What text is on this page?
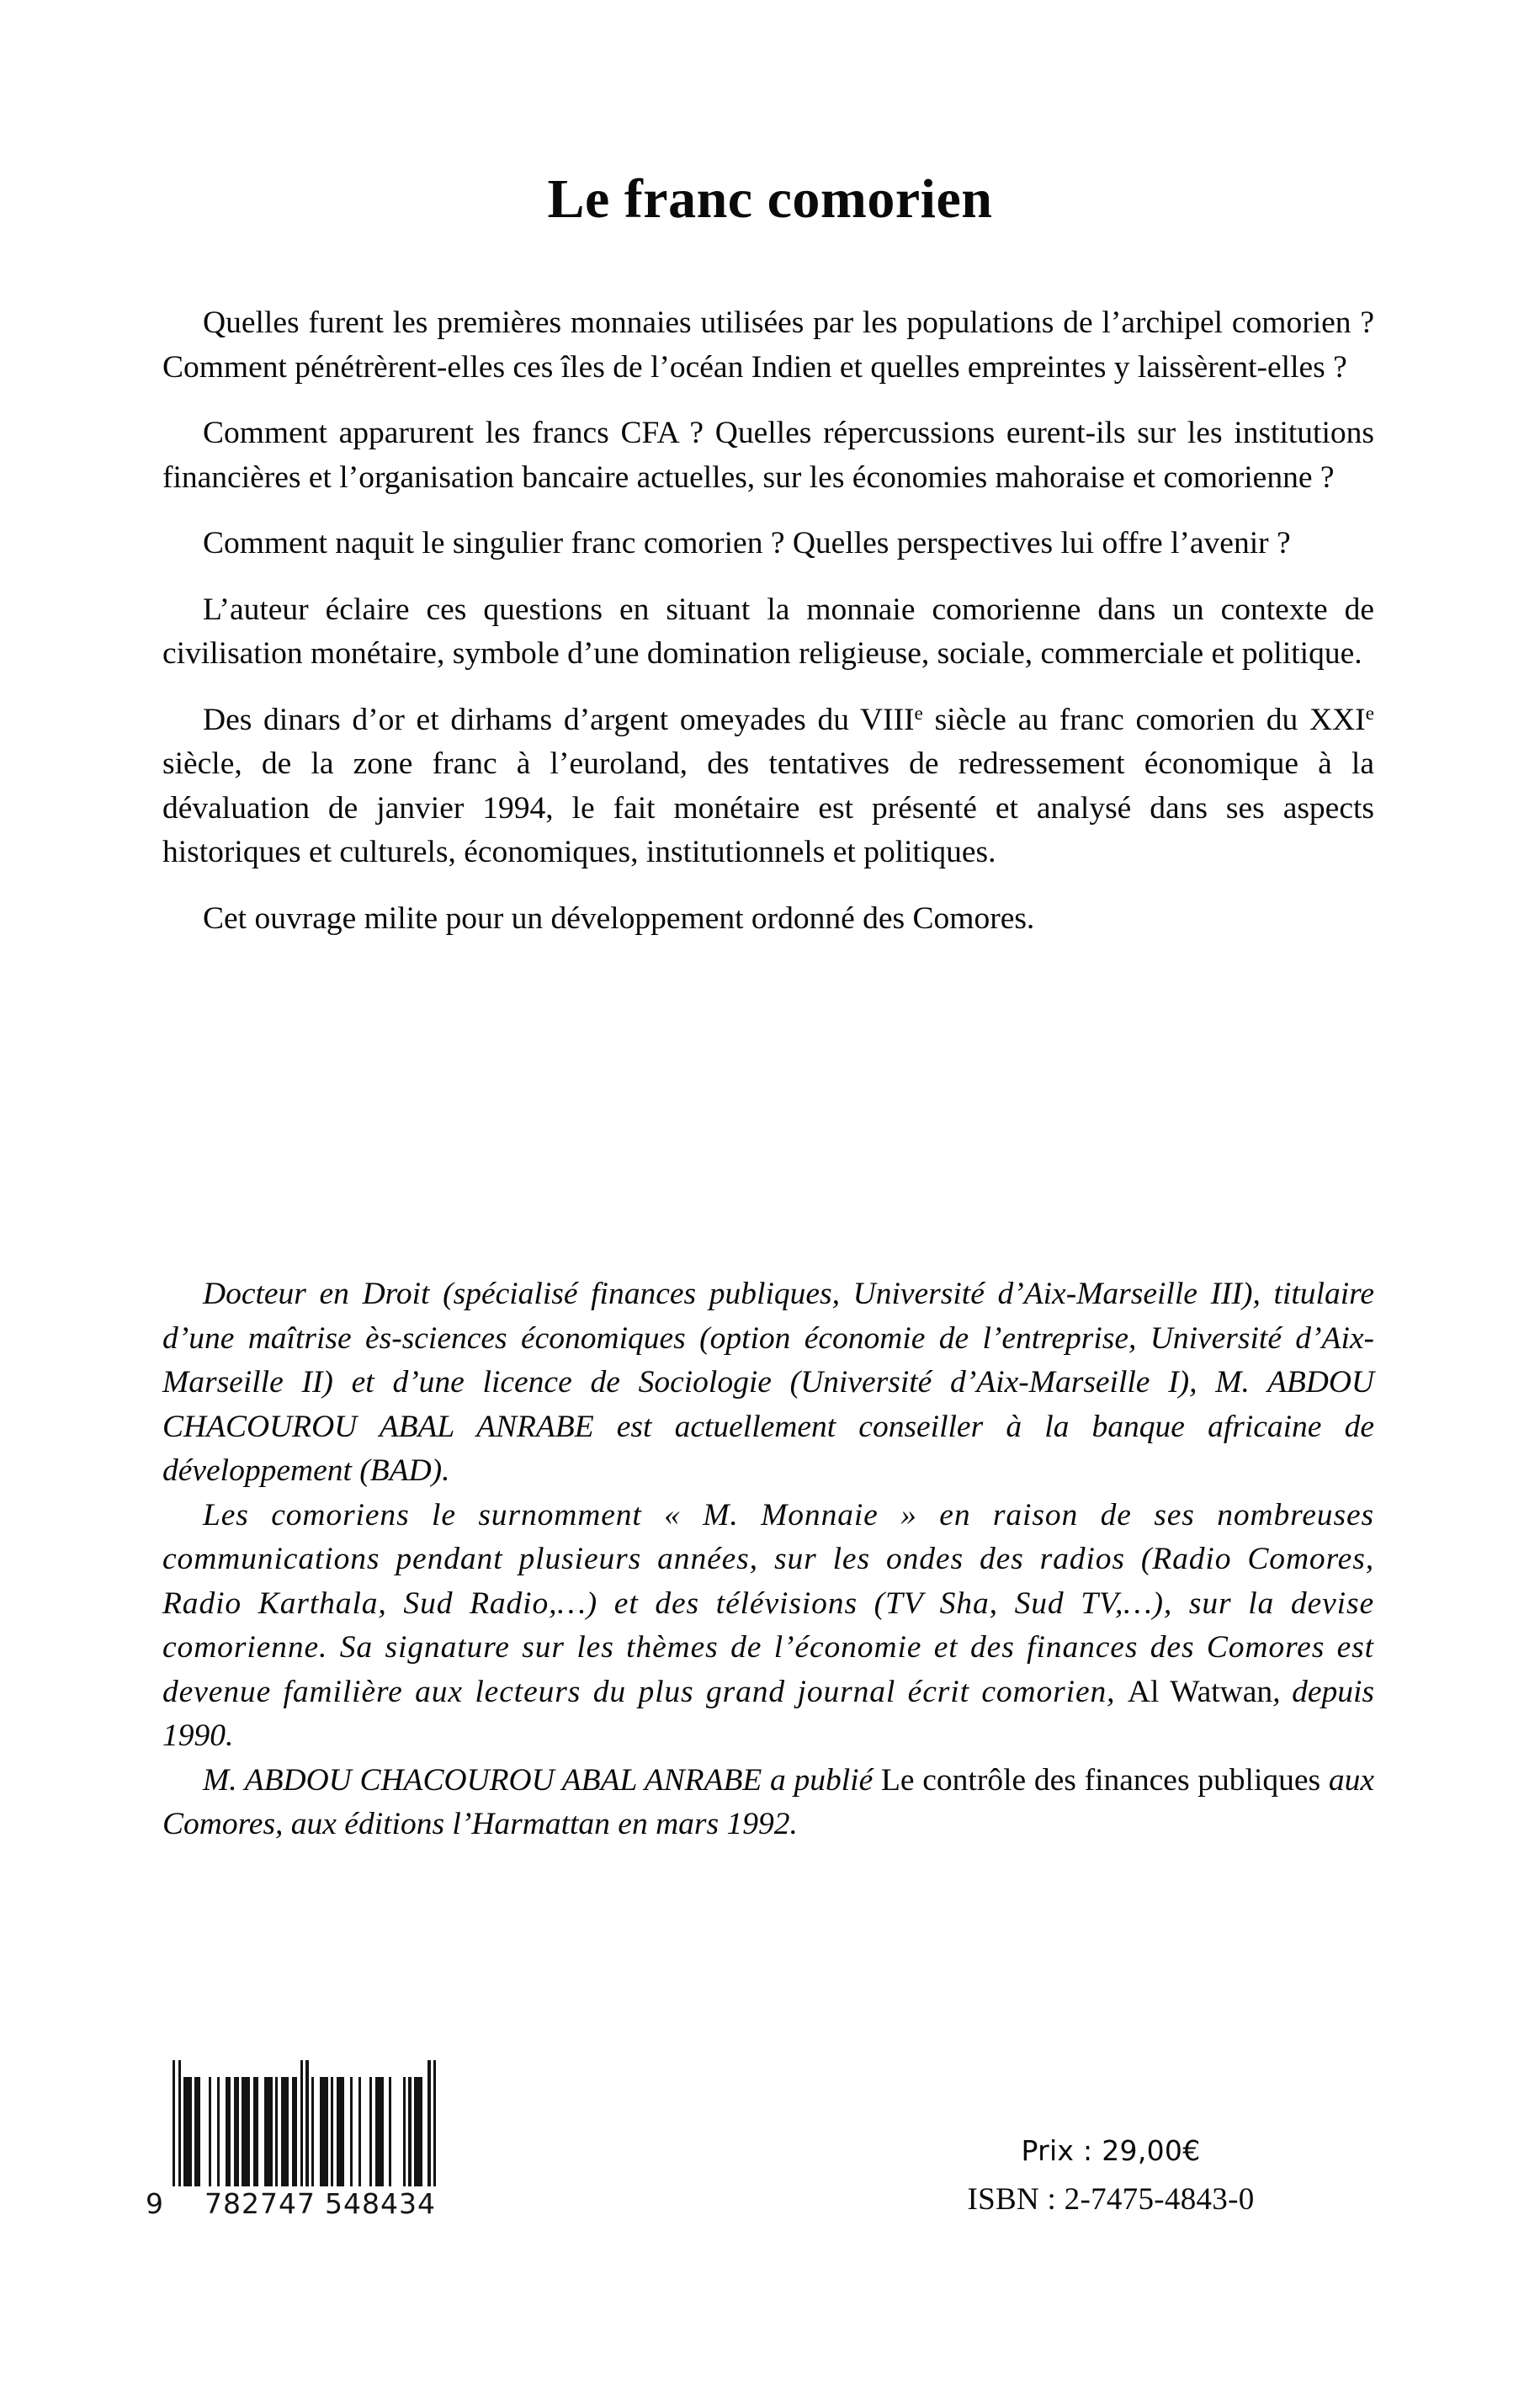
Le franc comorien

Quelles furent les premières monnaies utilisées par les populations de l’archipel comorien ? Comment pénétrèrent-elles ces îles de l’océan Indien et quelles empreintes y laissèrent-elles ?

Comment apparurent les francs CFA ? Quelles répercussions eurent-ils sur les institutions financières et l’organisation bancaire actuelles, sur les économies mahoraise et comorienne ?

Comment naquit le singulier franc comorien ? Quelles perspectives lui offre l’avenir ?

L’auteur éclaire ces questions en situant la monnaie comorienne dans un contexte de civilisation monétaire, symbole d’une domination religieuse, sociale, commerciale et politique.

Des dinars d’or et dirhams d’argent omeyades du VIIIe siècle au franc comorien du XXIe siècle, de la zone franc à l’euroland, des tentatives de redressement économique à la dévaluation de janvier 1994, le fait monétaire est présenté et analysé dans ses aspects historiques et culturels, économiques, institutionnels et politiques.

Cet ouvrage milite pour un développement ordonné des Comores.

Docteur en Droit (spécialisé finances publiques, Université d’Aix-Marseille III), titulaire d’une maîtrise ès-sciences économiques (option économie de l’entreprise, Université d’Aix-Marseille II) et d’une licence de Sociologie (Université d’Aix-Marseille I), M. ABDOU CHACOUROU ABAL ANRABE est actuellement conseiller à la banque africaine de développement (BAD).

Les comoriens le surnomment « M. Monnaie » en raison de ses nombreuses communications pendant plusieurs années, sur les ondes des radios (Radio Comores, Radio Karthala, Sud Radio,…) et des télévisions (TV Sha, Sud TV,…), sur la devise comorienne. Sa signature sur les thèmes de l’économie et des finances des Comores est devenue familière aux lecteurs du plus grand journal écrit comorien, Al Watwan, depuis 1990.

M. ABDOU CHACOUROU ABAL ANRABE a publié Le contrôle des finances publiques aux Comores, aux éditions l’Harmattan en mars 1992.

9 782747 548434
Prix : 29,00€
ISBN : 2-7475-4843-0
